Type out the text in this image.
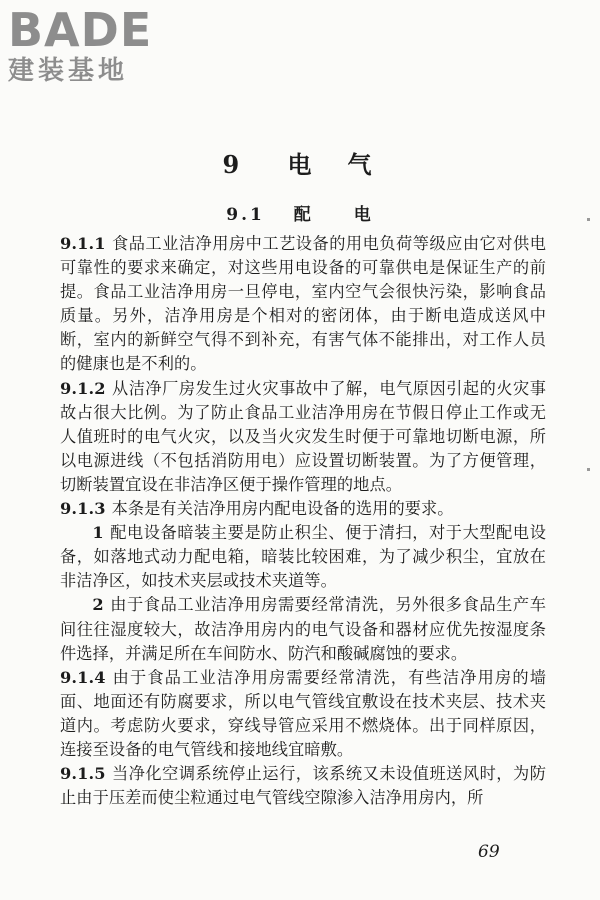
BADE
建装基地
9 电　气
9.1 配　　电

9.1.1 食品工业洁净用房中工艺设备的用电负荷等级应由它对供电可靠性的要求来确定，对这些用电设备的可靠供电是保证生产的前提。食品工业洁净用房一旦停电，室内空气会很快污染，影响食品质量。另外，洁净用房是个相对的密闭体，由于断电造成送风中断，室内的新鲜空气得不到补充，有害气体不能排出，对工作人员的健康也是不利的。

9.1.2 从洁净厂房发生过火灾事故中了解，电气原因引起的火灾事故占很大比例。为了防止食品工业洁净用房在节假日停止工作或无人值班时的电气火灾，以及当火灾发生时便于可靠地切断电源，所以电源进线（不包括消防用电）应设置切断装置。为了方便管理，切断装置宜设在非洁净区便于操作管理的地点。

9.1.3 本条是有关洁净用房内配电设备的选用的要求。

1 配电设备暗装主要是防止积尘、便于清扫，对于大型配电设备，如落地式动力配电箱，暗装比较困难，为了减少积尘，宜放在非洁净区，如技术夹层或技术夹道等。

2 由于食品工业洁净用房需要经常清洗，另外很多食品生产车间往往湿度较大，故洁净用房内的电气设备和器材应优先按湿度条件选择，并满足所在车间防水、防汽和酸碱腐蚀的要求。

9.1.4 由于食品工业洁净用房需要经常清洗，有些洁净用房的墙面、地面还有防腐要求，所以电气管线宜敷设在技术夹层、技术夹道内。考虑防火要求，穿线导管应采用不燃烧体。出于同样原因，连接至设备的电气管线和接地线宜暗敷。

9.1.5 当净化空调系统停止运行，该系统又未设值班送风时，为防止由于压差而使尘粒通过电气管线空隙渗入洁净用房内，所

69
